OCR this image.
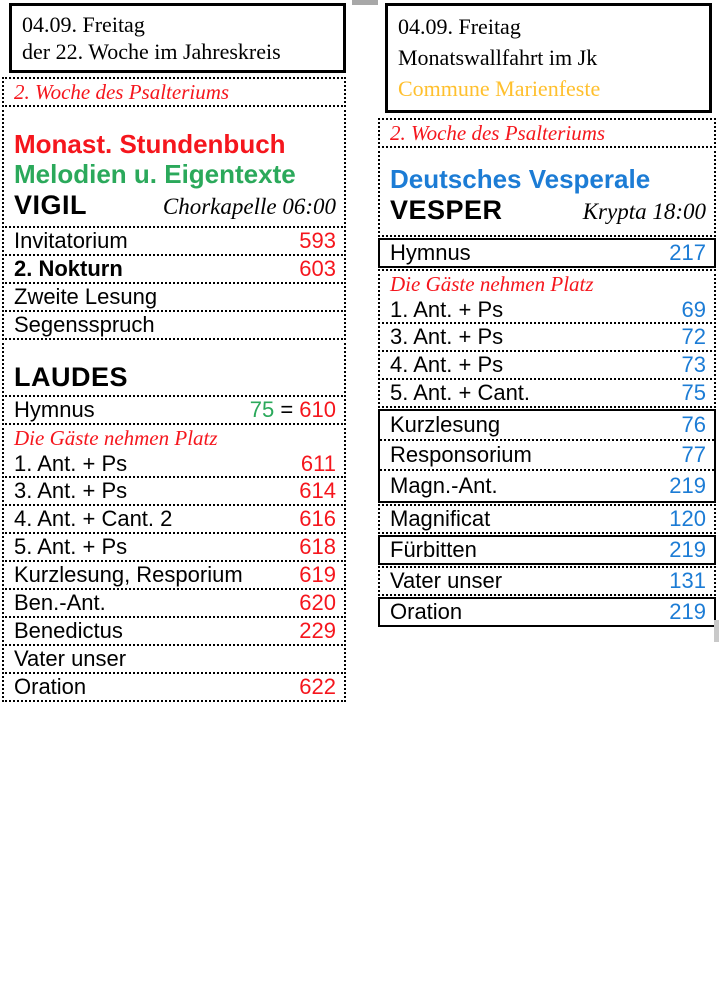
04.09. Freitag
der 22. Woche im Jahreskreis
2. Woche des Psalteriums
Monast. Stundenbuch
Melodien u. Eigentexte
VIGIL	Chorkapelle 06:00
Invitatorium	593
2. Nokturn	603
Zweite Lesung
Segensspruch
LAUDES
Hymnus	75 = 610
Die Gäste nehmen Platz
1. Ant. + Ps	611
3. Ant. + Ps	614
4. Ant. + Cant. 2	616
5. Ant. + Ps	618
Kurzlesung, Resporium	619
Ben.-Ant.	620
Benedictus	229
Vater unser
Oration	622
04.09. Freitag
Monatswallfahrt im Jk
Commune Marienfeste
2. Woche des Psalteriums
Deutsches Vesperale
VESPER	Krypta 18:00
Hymnus	217
Die Gäste nehmen Platz
1. Ant. + Ps	69
3. Ant. + Ps	72
4. Ant. + Ps	73
5. Ant. + Cant.	75
Kurzlesung	76
Responsorium	77
Magn.-Ant.	219
Magnificat	120
Fürbitten	219
Vater unser	131
Oration	219
